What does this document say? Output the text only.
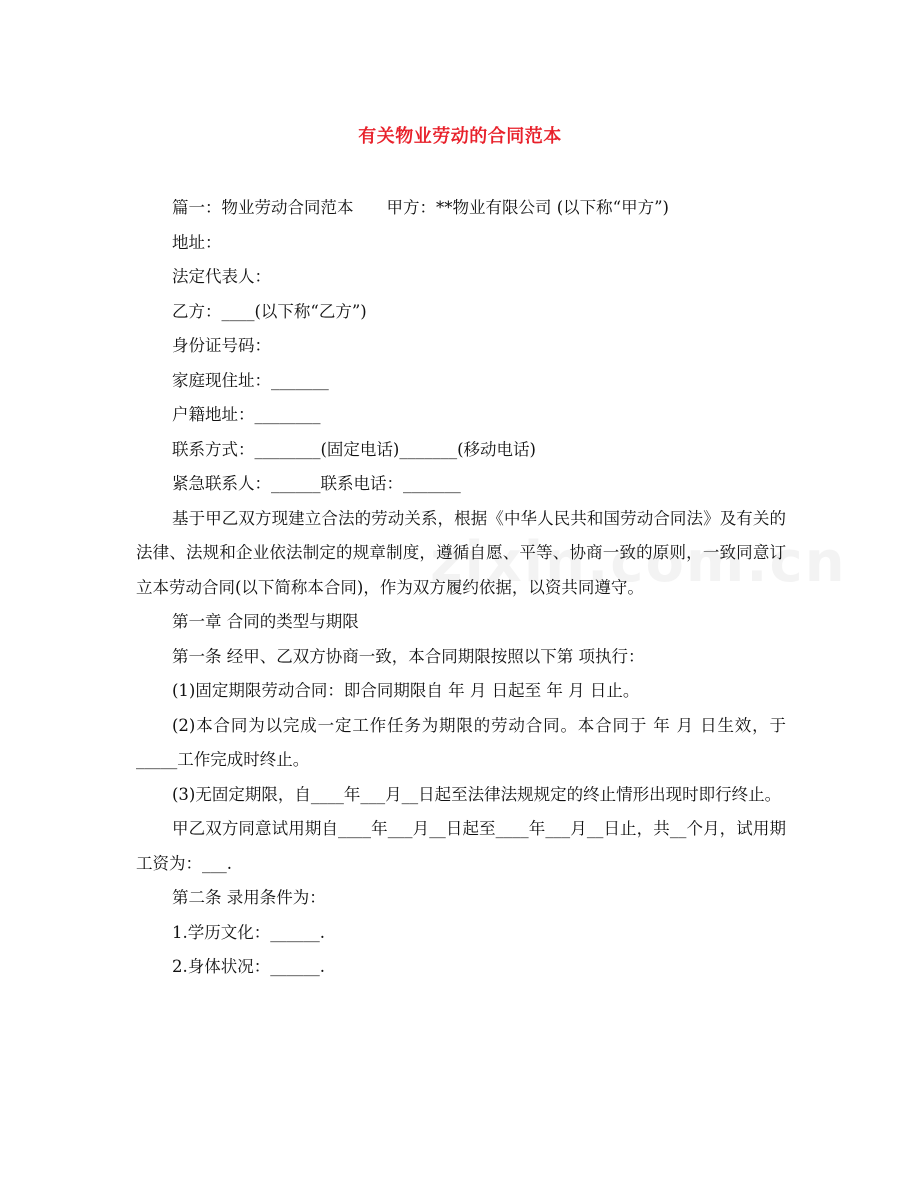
有关物业劳动的合同范本

篇一：物业劳动合同范本　　甲方：**物业有限公司 (以下称“甲方”)

地址：

法定代表人：

乙方：____(以下称“乙方”)

身份证号码：

家庭现住址：_______

户籍地址：________

联系方式：________(固定电话)_______(移动电话)

紧急联系人：______联系电话：_______

基于甲乙双方现建立合法的劳动关系，根据《中华人民共和国劳动合同法》及有关的法律、法规和企业依法制定的规章制度，遵循自愿、平等、协商一致的原则，一致同意订立本劳动合同(以下简称本合同)，作为双方履约依据，以资共同遵守。

第一章 合同的类型与期限

第一条 经甲、乙双方协商一致，本合同期限按照以下第 项执行：

(1)固定期限劳动合同：即合同期限自 年 月 日起至 年 月 日止。

(2)本合同为以完成一定工作任务为期限的劳动合同。本合同于 年 月 日生效，于_____工作完成时终止。

(3)无固定期限，自____年___月__日起至法律法规规定的终止情形出现时即行终止。

甲乙双方同意试用期自____年___月__日起至____年___月__日止，共__个月，试用期工资为：___.

第二条 录用条件为：

1.学历文化：______.

2.身体状况：______.
